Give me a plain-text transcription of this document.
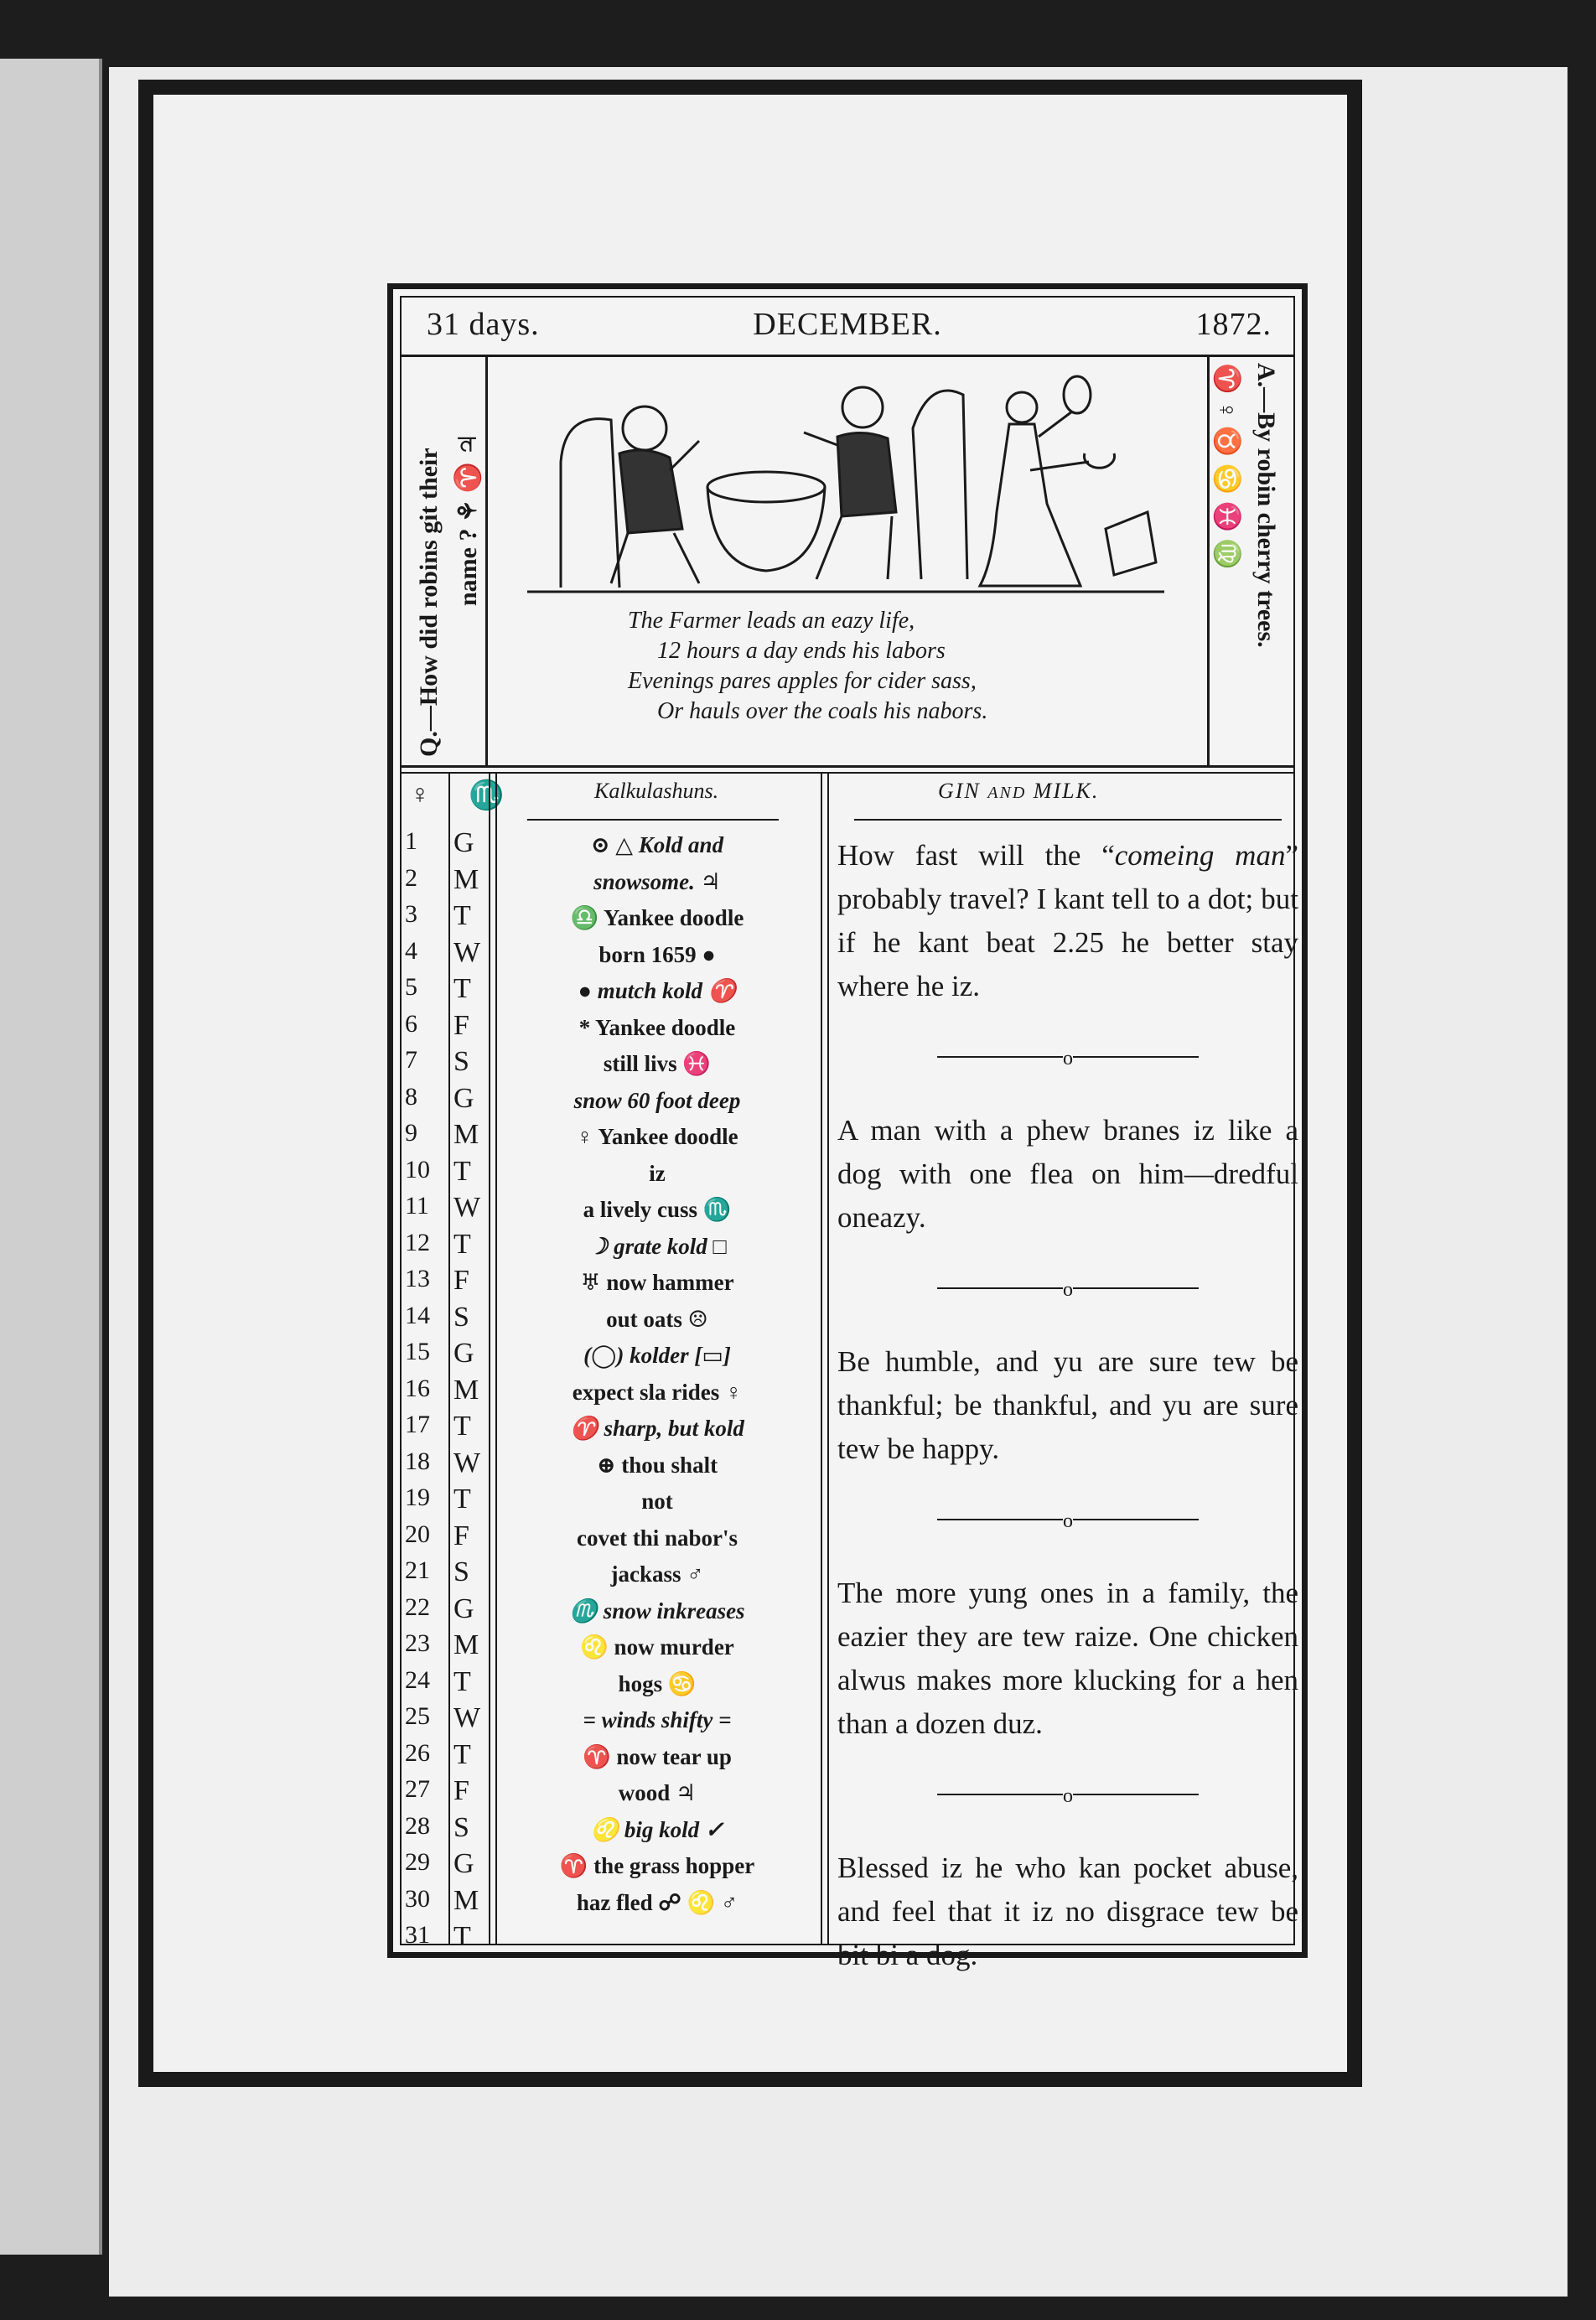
31 days.	DECEMBER.	1872.
Q.—How did robins git their name ? ⚘ ♈ ♃	A.—By robin cherry trees.
♈ ♀ ♉ ♋ ♓ ♍
The Farmer leads an eazy life,
12 hours a day ends his labors
Evenings pares apples for cider sass,
Or hauls over the coals his nabors.
♀ ♏	Kalkulashuns.	GIN AND MILK.
1	G
2	M
3	T
4	W
5	T
6	F
7	S
8	G
9	M
10 T
11 W
12 T
13 F
14 S
15 G
16 M
17 T
18 W
19 T
20 F
21 S
22 G
23 M
24 T
25 W
26 T
27 F
28 S
29 G
30 M
31 T
⊙ △ Kold and
snowsome. ♃
♎ Yankee doodle
born 1659 ●
● mutch kold ♈
* Yankee doodle
still livs ♓
snow 60 foot deep
♀ Yankee doodle
iz
a lively cuss ♏
☽ grate kold □
♅ now hammer
out oats ☹
(◯) kolder [▭]
expect sla rides ♀
♈ sharp, but kold
⊕ thou shalt
not
covet thi nabor's
jackass ♂
♏ snow inkreases
♌ now murder
hogs ♋
= winds shifty =
♈ now tear up
wood ♃
♌ big kold ✓
♈ the grass hopper
haz fled ☍ ♌ ♂

How fast will the “comeing man” probably travel? I kant tell to a dot; but if he kant beat 2.25 he better stay where he iz.

o

A man with a phew branes iz like a dog with one flea on him—dredful oneazy.

o

Be humble, and yu are sure tew be thankful; be thankful, and yu are sure tew be happy.

o

The more yung ones in a family, the eazier they are tew raize. One chicken alwus makes more klucking for a hen than a dozen duz.

o

Blessed iz he who kan pocket abuse, and feel that it iz no disgrace tew be bit bi a dog.
